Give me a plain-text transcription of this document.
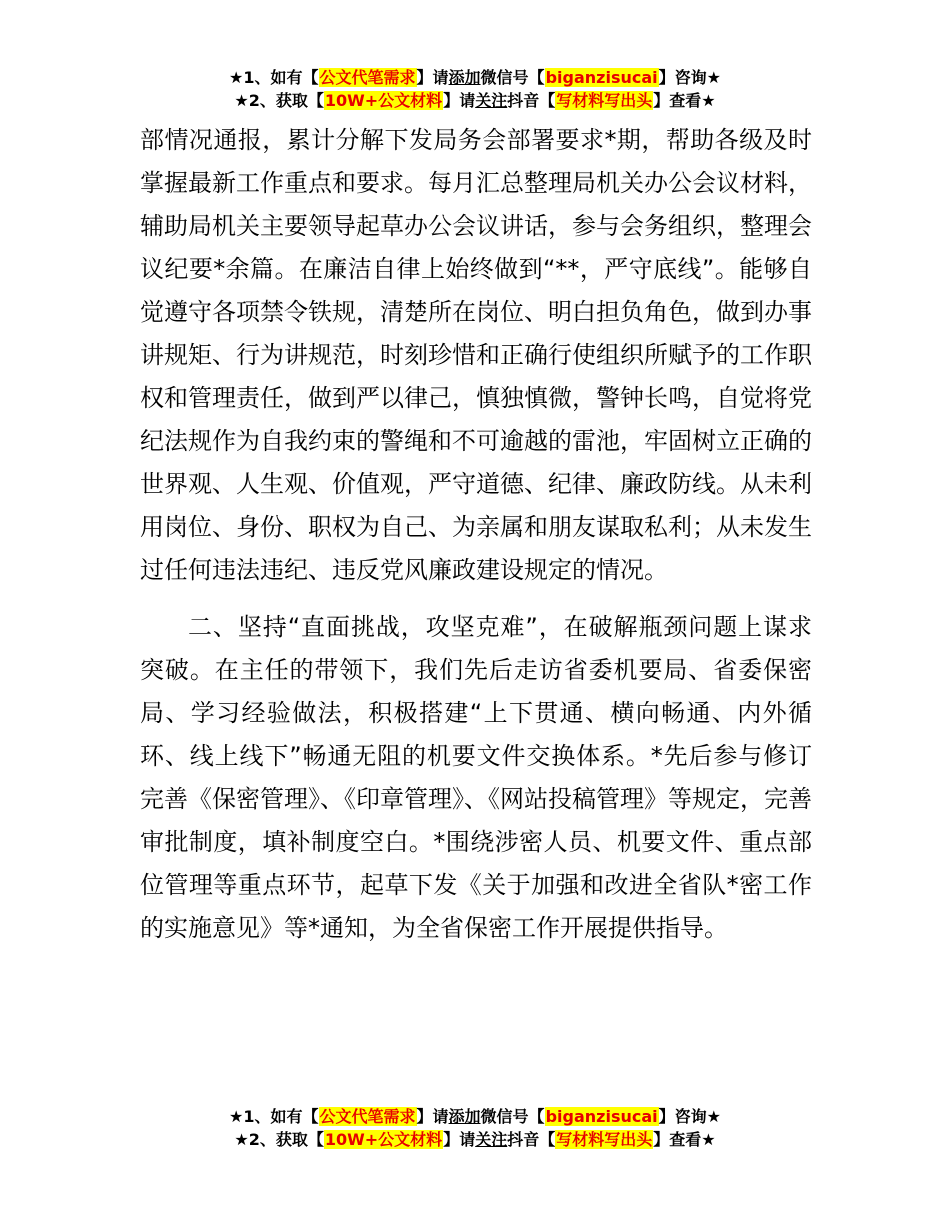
★1、如有【公文代笔需求】请添加微信号【biganzisucai】咨询★
★2、获取【10W+公文材料】请关注抖音【写材料写出头】查看★

部情况通报，累计分解下发局务会部署要求*期，帮助各级及时掌握最新工作重点和要求。每月汇总整理局机关办公会议材料，辅助局机关主要领导起草办公会议讲话，参与会务组织，整理会议纪要*余篇。在廉洁自律上始终做到“**，严守底线”。能够自觉遵守各项禁令铁规，清楚所在岗位、明白担负角色，做到办事讲规矩、行为讲规范，时刻珍惜和正确行使组织所赋予的工作职权和管理责任，做到严以律己，慎独慎微，警钟长鸣，自觉将党纪法规作为自我约束的警绳和不可逾越的雷池，牢固树立正确的世界观、人生观、价值观，严守道德、纪律、廉政防线。从未利用岗位、身份、职权为自己、为亲属和朋友谋取私利；从未发生过任何违法违纪、违反党风廉政建设规定的情况。

二、坚持“直面挑战，攻坚克难”，在破解瓶颈问题上谋求突破。在主任的带领下，我们先后走访省委机要局、省委保密局、学习经验做法，积极搭建“上下贯通、横向畅通、内外循环、线上线下”畅通无阻的机要文件交换体系。*先后参与修订完善《保密管理》、《印章管理》、《网站投稿管理》等规定，完善审批制度，填补制度空白。*围绕涉密人员、机要文件、重点部位管理等重点环节，起草下发《关于加强和改进全省队*密工作的实施意见》等*通知，为全省保密工作开展提供指导。

★1、如有【公文代笔需求】请添加微信号【biganzisucai】咨询★
★2、获取【10W+公文材料】请关注抖音【写材料写出头】查看★
